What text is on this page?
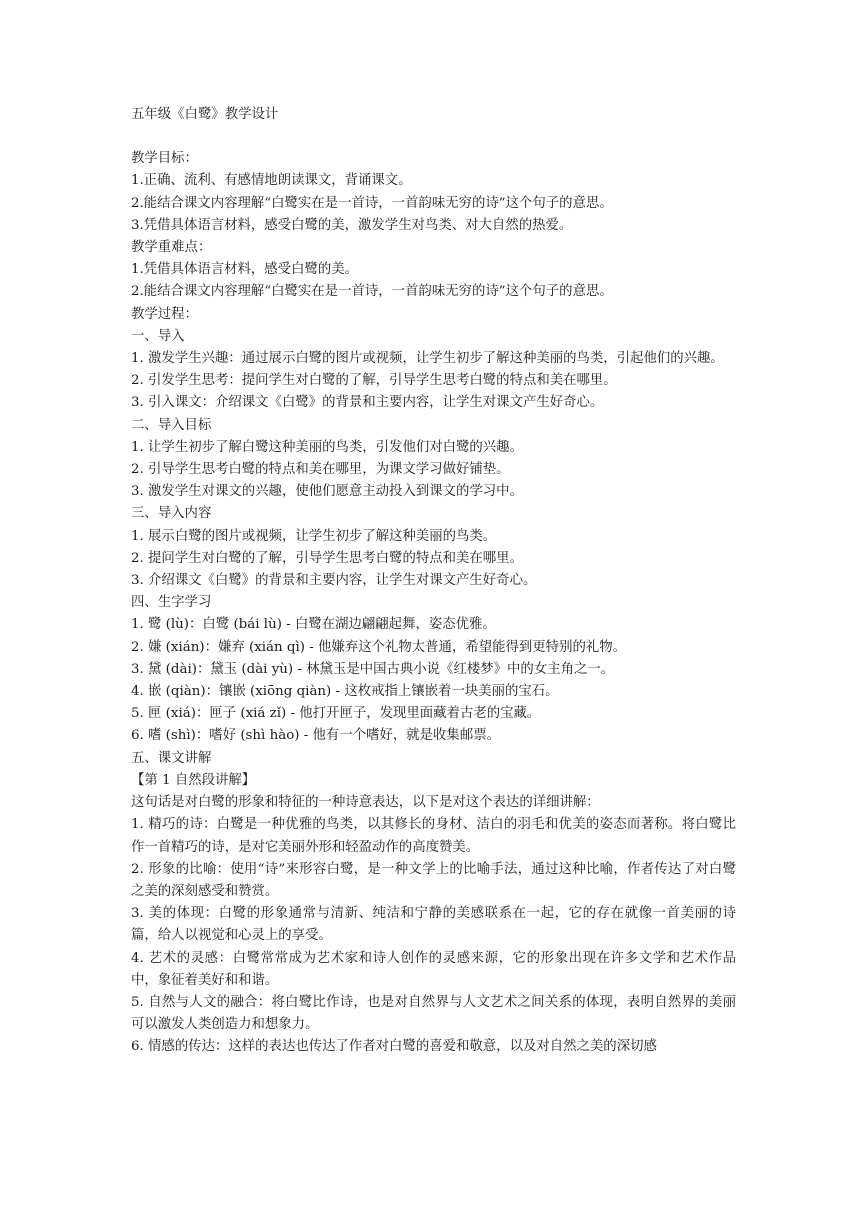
五年级《白鹭》教学设计

教学目标：

1.正确、流利、有感情地朗读课文，背诵课文。

2.能结合课文内容理解“白鹭实在是一首诗，一首韵味无穷的诗”这个句子的意思。

3.凭借具体语言材料，感受白鹭的美，激发学生对鸟类、对大自然的热爱。

教学重难点：

1.凭借具体语言材料，感受白鹭的美。

2.能结合课文内容理解“白鹭实在是一首诗，一首韵味无穷的诗”这个句子的意思。

教学过程：

一、导入

1. 激发学生兴趣：通过展示白鹭的图片或视频，让学生初步了解这种美丽的鸟类，引起他们的兴趣。

2. 引发学生思考：提问学生对白鹭的了解，引导学生思考白鹭的特点和美在哪里。

3. 引入课文：介绍课文《白鹭》的背景和主要内容，让学生对课文产生好奇心。

二、导入目标

1. 让学生初步了解白鹭这种美丽的鸟类，引发他们对白鹭的兴趣。

2. 引导学生思考白鹭的特点和美在哪里，为课文学习做好铺垫。

3. 激发学生对课文的兴趣，使他们愿意主动投入到课文的学习中。

三、导入内容

1. 展示白鹭的图片或视频，让学生初步了解这种美丽的鸟类。

2. 提问学生对白鹭的了解，引导学生思考白鹭的特点和美在哪里。

3. 介绍课文《白鹭》的背景和主要内容，让学生对课文产生好奇心。

四、生字学习

1. 鹭 (lù)：白鹭 (bái lù) - 白鹭在湖边翩翩起舞，姿态优雅。

2. 嫌 (xián)：嫌弃 (xián qì) - 他嫌弃这个礼物太普通，希望能得到更特别的礼物。

3. 黛 (dài)：黛玉 (dài yù) - 林黛玉是中国古典小说《红楼梦》中的女主角之一。

4. 嵌 (qiàn)：镶嵌 (xiōng qiàn) - 这枚戒指上镶嵌着一块美丽的宝石。

5. 匣 (xiá)：匣子 (xiá zǐ) - 他打开匣子，发现里面藏着古老的宝藏。

6. 嗜 (shì)：嗜好 (shì hào) - 他有一个嗜好，就是收集邮票。

五、课文讲解

【第 1 自然段讲解】

这句话是对白鹭的形象和特征的一种诗意表达，以下是对这个表达的详细讲解：

1. 精巧的诗：白鹭是一种优雅的鸟类，以其修长的身材、洁白的羽毛和优美的姿态而著称。将白鹭比作一首精巧的诗，是对它美丽外形和轻盈动作的高度赞美。

2. 形象的比喻：使用“诗”来形容白鹭，是一种文学上的比喻手法，通过这种比喻，作者传达了对白鹭之美的深刻感受和赞赏。

3. 美的体现：白鹭的形象通常与清新、纯洁和宁静的美感联系在一起，它的存在就像一首美丽的诗篇，给人以视觉和心灵上的享受。

4. 艺术的灵感：白鹭常常成为艺术家和诗人创作的灵感来源，它的形象出现在许多文学和艺术作品中，象征着美好和和谐。

5. 自然与人文的融合：将白鹭比作诗，也是对自然界与人文艺术之间关系的体现，表明自然界的美丽可以激发人类创造力和想象力。

6. 情感的传达：这样的表达也传达了作者对白鹭的喜爱和敬意，以及对自然之美的深切感
